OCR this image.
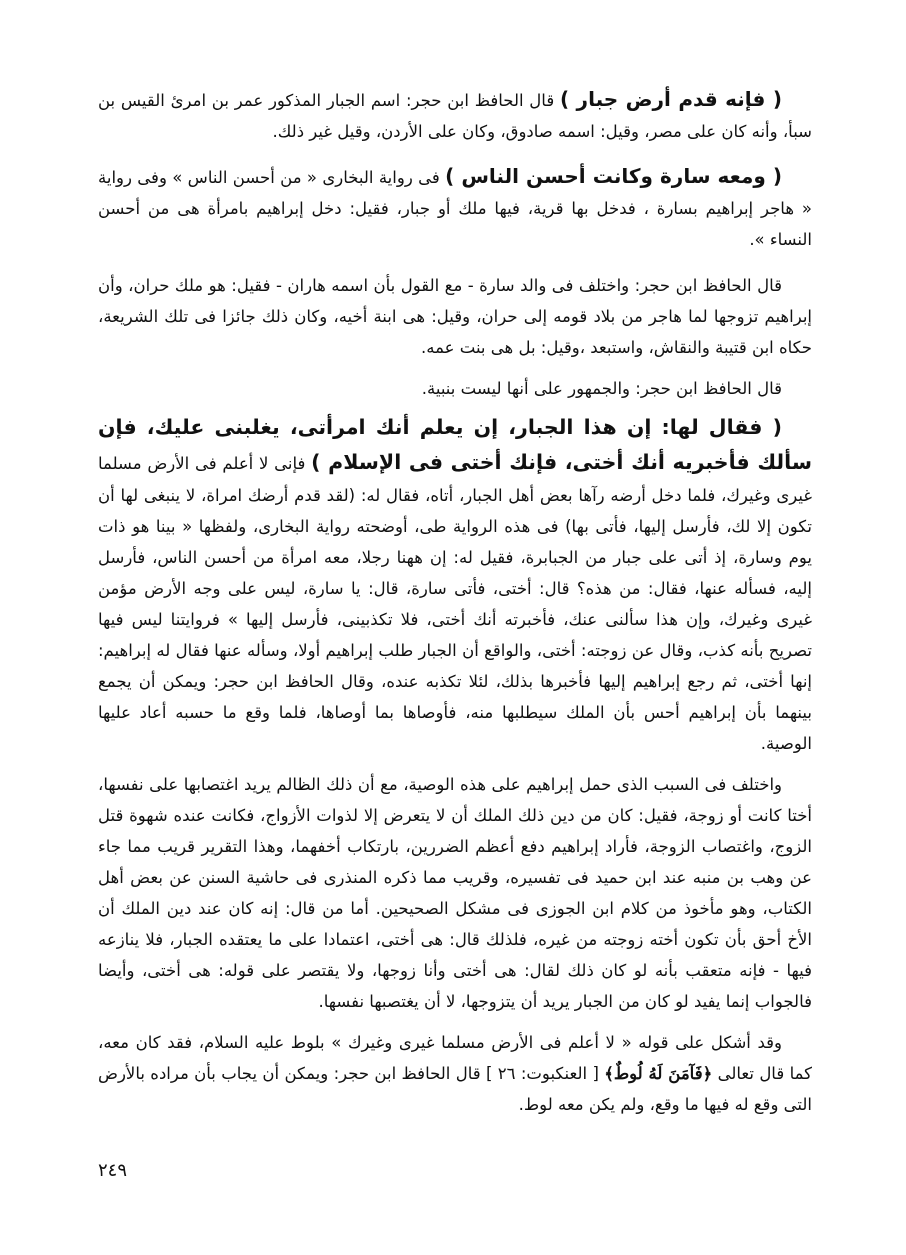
( فإنه قدم أرض جبار ) قال الحافظ ابن حجر: اسم الجبار المذكور عمر بن امرئ القيس بن سبأ، وأنه كان على مصر، وقيل: اسمه صادوق، وكان على الأردن، وقيل غير ذلك.

( ومعه سارة وكانت أحسن الناس ) فى رواية البخارى « من أحسن الناس » وفى رواية « هاجر إبراهيم بسارة ، فدخل بها قرية، فيها ملك أو جبار، فقيل: دخل إبراهيم بامرأة هى من أحسن النساء ».

قال الحافظ ابن حجر: واختلف فى والد سارة - مع القول بأن اسمه هاران - فقيل: هو ملك حران، وأن إبراهيم تزوجها لما هاجر من بلاد قومه إلى حران، وقيل: هى ابنة أخيه، وكان ذلك جائزا فى تلك الشريعة، حكاه ابن قتيبة والنقاش، واستبعد ،وقيل: بل هى بنت عمه.

قال الحافظ ابن حجر: والجمهور على أنها ليست بنبية.

( فقال لها: إن هذا الجبار، إن يعلم أنك امرأتى، يغلبنى عليك، فإن سألك فأخبريه أنك أختى، فإنك أختى فى الإسلام ) فإنى لا أعلم فى الأرض مسلما غيرى وغيرك، فلما دخل أرضه رآها بعض أهل الجبار، أتاه، فقال له: (لقد قدم أرضك امراة، لا ينبغى لها أن تكون إلا لك، فأرسل إليها، فأتى بها) فى هذه الرواية طى، أوضحته رواية البخارى، ولفظها « بينا هو ذات يوم وسارة، إذ أتى على جبار من الجبابرة، فقيل له: إن ههنا رجلا، معه امرأة من أحسن الناس، فأرسل إليه، فسأله عنها، فقال: من هذه؟ قال: أختى، فأتى سارة، قال: يا سارة، ليس على وجه الأرض مؤمن غيرى وغيرك، وإن هذا سألنى عنك، فأخبرته أنك أختى، فلا تكذبينى، فأرسل إليها » فروايتنا ليس فيها تصريح بأنه كذب، وقال عن زوجته: أختى، والواقع أن الجبار طلب إبراهيم أولا، وسأله عنها فقال له إبراهيم: إنها أختى، ثم رجع إبراهيم إليها فأخبرها بذلك، لئلا تكذبه عنده، وقال الحافظ ابن حجر: ويمكن أن يجمع بينهما بأن إبراهيم أحس بأن الملك سيطلبها منه، فأوصاها بما أوصاها، فلما وقع ما حسبه أعاد عليها الوصية.

واختلف فى السبب الذى حمل إبراهيم على هذه الوصية، مع أن ذلك الظالم يريد اغتصابها على نفسها، أختا كانت أو زوجة، فقيل: كان من دين ذلك الملك أن لا يتعرض إلا لذوات الأزواج، فكانت عنده شهوة قتل الزوج، واغتصاب الزوجة، فأراد إبراهيم دفع أعظم الضررين، بارتكاب أخفهما، وهذا التقرير قريب مما جاء عن وهب بن منبه عند ابن حميد فى تفسيره، وقريب مما ذكره المنذرى فى حاشية السنن عن بعض أهل الكتاب، وهو مأخوذ من كلام ابن الجوزى فى مشكل الصحيحين. أما من قال: إنه كان عند دين الملك أن الأخ أحق بأن تكون أخته زوجته من غيره، فلذلك قال: هى أختى، اعتمادا على ما يعتقده الجبار، فلا ينازعه فيها - فإنه متعقب بأنه لو كان ذلك لقال: هى أختى وأنا زوجها، ولا يقتصر على قوله: هى أختى، وأيضا فالجواب إنما يفيد لو كان من الجبار يريد أن يتزوجها، لا أن يغتصبها نفسها.

وقد أشكل على قوله « لا أعلم فى الأرض مسلما غيرى وغيرك » بلوط عليه السلام، فقد كان معه، كما قال تعالى ﴿فَآمَنَ لَهُ لُوطٌ﴾ [ العنكبوت: ٢٦ ] قال الحافظ ابن حجر: ويمكن أن يجاب بأن مراده بالأرض التى وقع له فيها ما وقع، ولم يكن معه لوط.

٢٤٩
